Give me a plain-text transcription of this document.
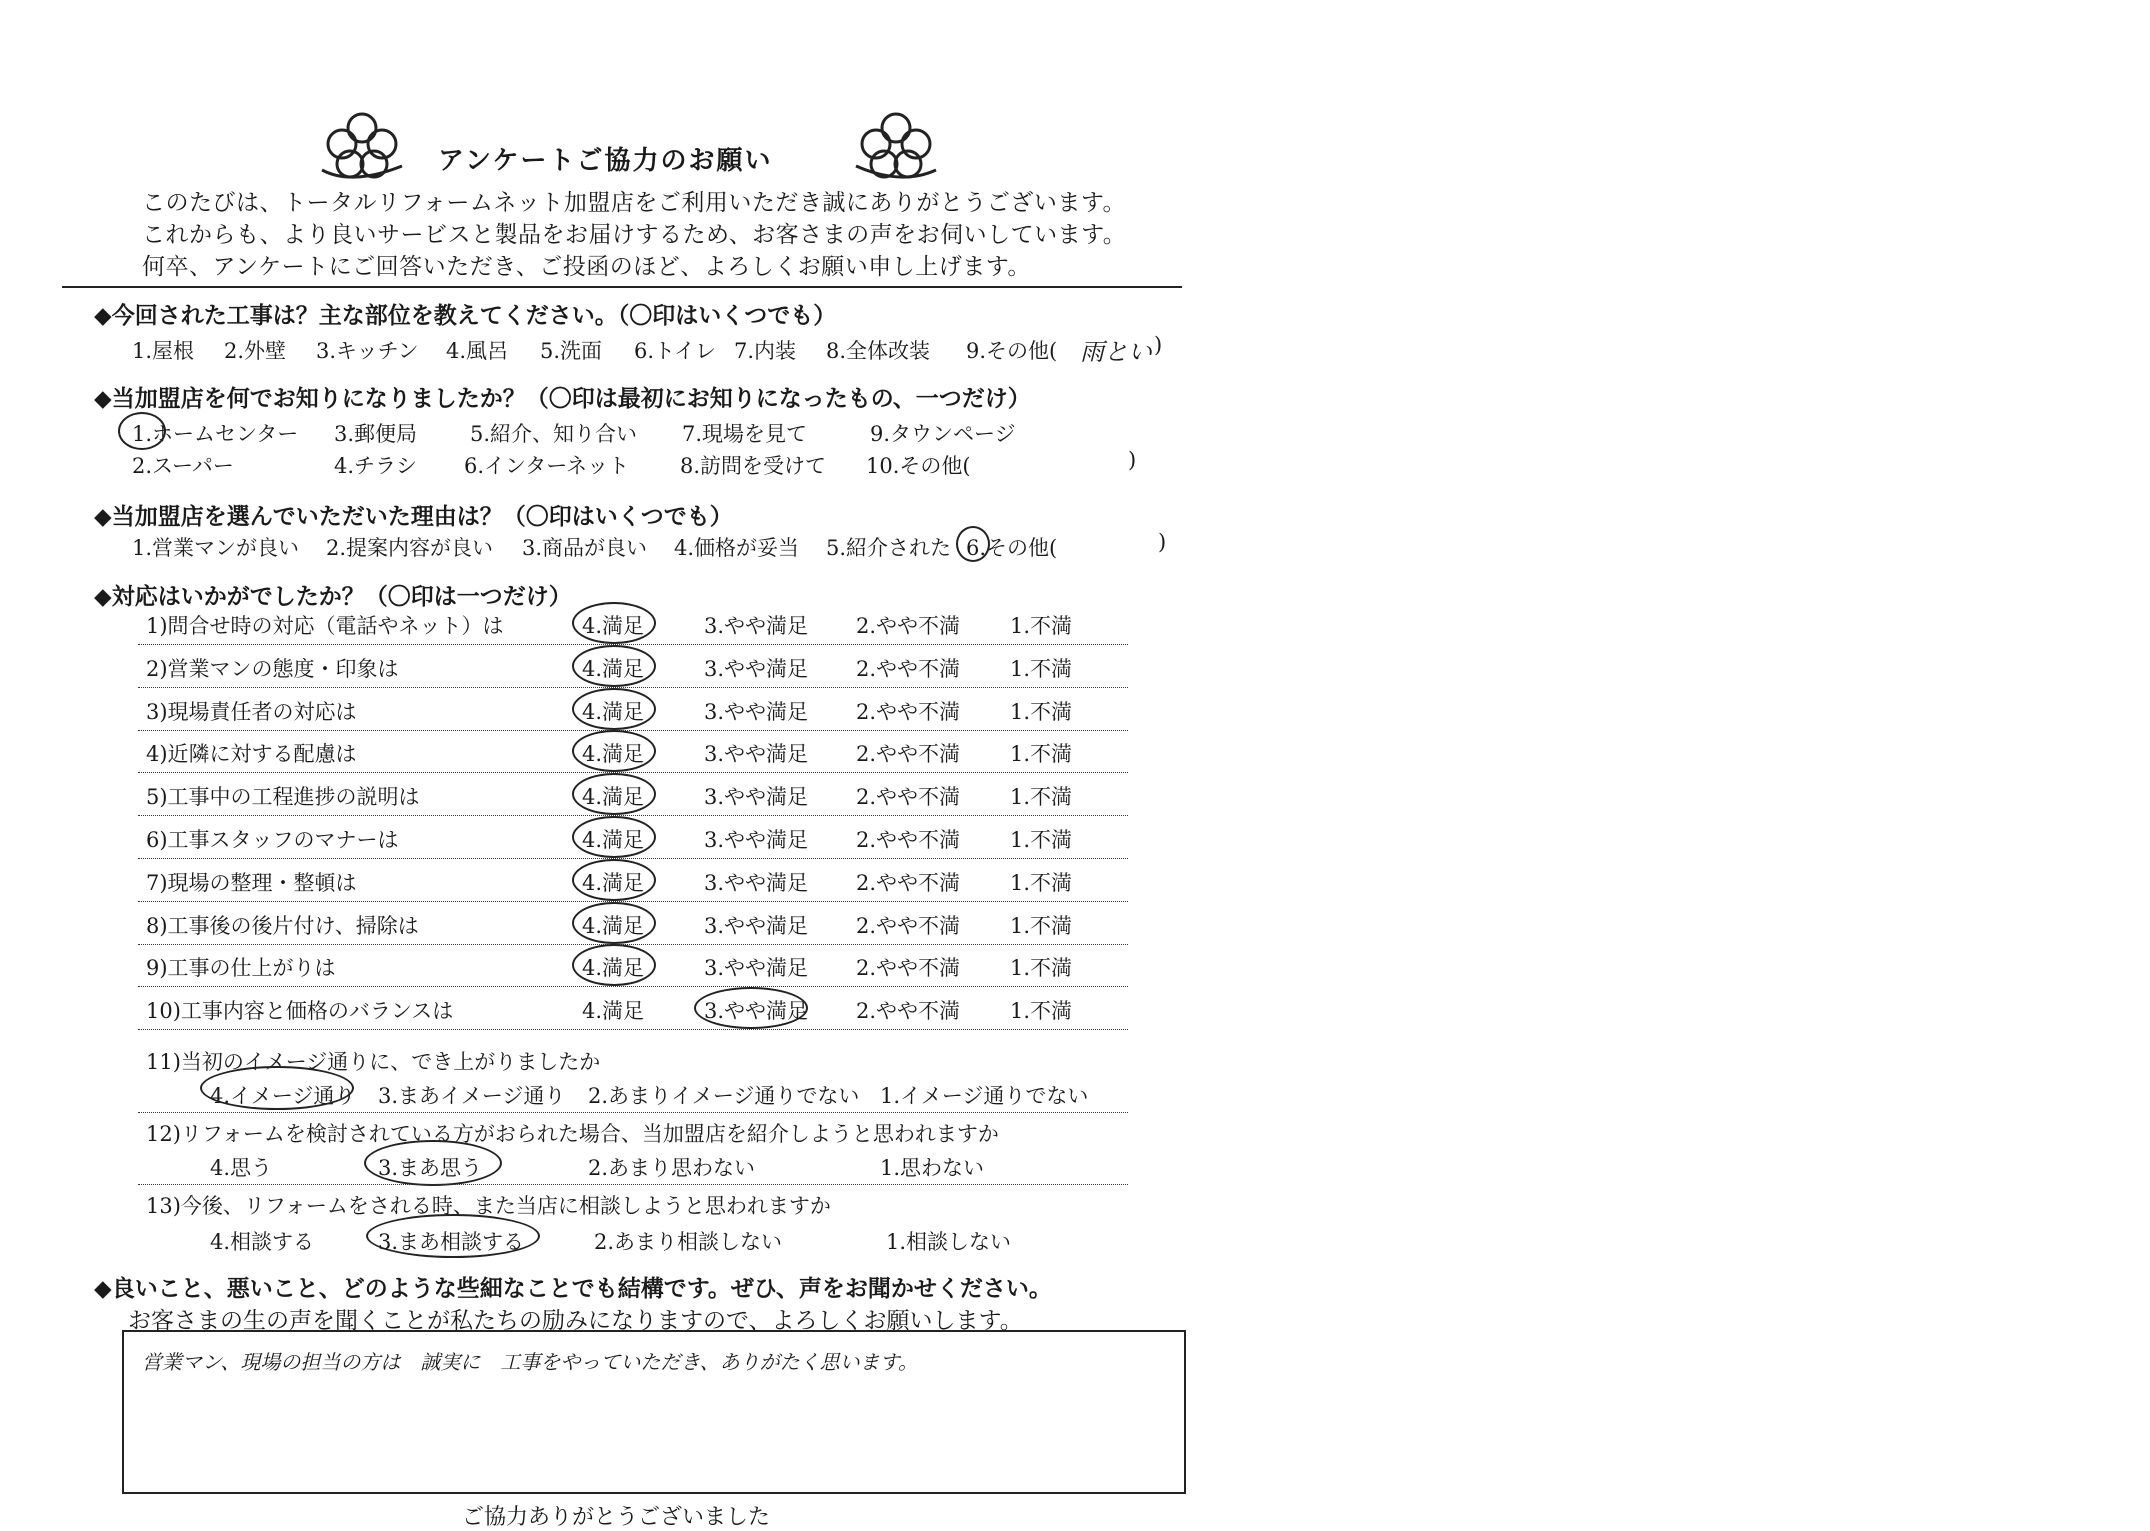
アンケートご協力のお願い
このたびは、トータルリフォームネット加盟店をご利用いただき誠にありがとうございます。
これからも、より良いサービスと製品をお届けするため、お客さまの声をお伺いしています。
何卒、アンケートにご回答いただき、ご投函のほど、よろしくお願い申し上げます。
◆今回された工事は？主な部位を教えてください。（〇印はいくつでも）
1.屋根 2.外壁 3.キッチン 4.風呂 5.洗面 6.トイレ 7.内装 8.全体改装 9.その他( 雨とい )
◆当加盟店を何でお知りになりましたか？（〇印は最初にお知りになったもの、一つだけ）
1.ホームセンター 3.郵便局	5.紹介、知り合い 7.現場を見て	9.タウンページ
2.スーパー	4.チラシ 6.インターネット 8.訪問を受けて 10.その他(	)
◆当加盟店を選んでいただいた理由は？（〇印はいくつでも）
1.営業マンが良い 2.提案内容が良い 3.商品が良い 4.価格が妥当 5.紹介された 6.その他(	)
◆対応はいかがでしたか？（〇印は一つだけ）
1)問合せ時の対応（電話やネット）は	4.満足	3.やや満足 2.やや不満 1.不満
2)営業マンの態度・印象は	4.満足	3.やや満足 2.やや不満 1.不満
3)現場責任者の対応は	4.満足	3.やや満足 2.やや不満 1.不満
4)近隣に対する配慮は	4.満足	3.やや満足 2.やや不満 1.不満
5)工事中の工程進捗の説明は	4.満足	3.やや満足 2.やや不満 1.不満
6)工事スタッフのマナーは	4.満足	3.やや満足 2.やや不満 1.不満
7)現場の整理・整頓は	4.満足	3.やや満足 2.やや不満 1.不満
8)工事後の後片付け、掃除は	4.満足	3.やや満足 2.やや不満 1.不満
9)工事の仕上がりは	4.満足	3.やや満足 2.やや不満 1.不満
10)工事内容と価格のバランスは	4.満足	3.やや満足 2.やや不満 1.不満
11)当初のイメージ通りに、でき上がりましたか
4.イメージ通り 3.まあイメージ通り 2.あまりイメージ通りでない 1.イメージ通りでない
12)リフォームを検討されている方がおられた場合、当加盟店を紹介しようと思われますか
4.思う	3.まあ思う	2.あまり思わない	1.思わない
13)今後、リフォームをされる時、また当店に相談しようと思われますか
4.相談する	3.まあ相談する	2.あまり相談しない	1.相談しない
◆良いこと、悪いこと、どのような些細なことでも結構です。ぜひ、声をお聞かせください。
お客さまの生の声を聞くことが私たちの励みになりますので、よろしくお願いします。
営業マン、現場の担当の方は　誠実に　工事をやっていただき、ありがたく思います。
ご協力ありがとうございました
